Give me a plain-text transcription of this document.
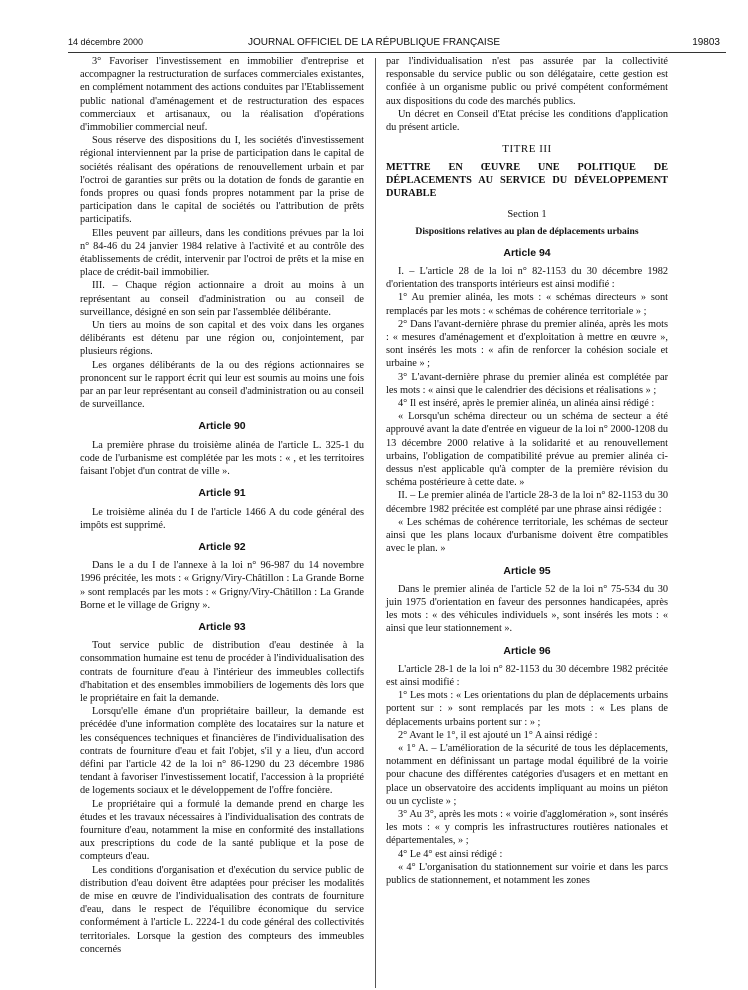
14 décembre 2000	JOURNAL OFFICIEL DE LA RÉPUBLIQUE FRANÇAISE	19803

3° Favoriser l'investissement en immobilier d'entreprise et accompagner la restructuration de surfaces commerciales existantes, en complément notamment des actions conduites par l'Etablissement public national d'aménagement et de restructuration des espaces commerciaux et artisanaux, ou la réalisation d'opérations d'immobilier commercial neuf.

Sous réserve des dispositions du I, les sociétés d'investissement régional interviennent par la prise de participation dans le capital de sociétés réalisant des opérations de renouvellement urbain et par l'octroi de garanties sur prêts ou la dotation de fonds de garantie en fonds propres ou quasi fonds propres notamment par la prise de participation dans le capital de sociétés ou l'attribution de prêts participatifs.

Elles peuvent par ailleurs, dans les conditions prévues par la loi n° 84-46 du 24 janvier 1984 relative à l'activité et au contrôle des établissements de crédit, intervenir par l'octroi de prêts et la mise en place de crédit-bail immobilier.

III. – Chaque région actionnaire a droit au moins à un représentant au conseil d'administration ou au conseil de surveillance, désigné en son sein par l'assemblée délibérante.

Un tiers au moins de son capital et des voix dans les organes délibérants est détenu par une région ou, conjointement, par plusieurs régions.

Les organes délibérants de la ou des régions actionnaires se prononcent sur le rapport écrit qui leur est soumis au moins une fois par an par leur représentant au conseil d'administration ou au conseil de surveillance.

Article 90

La première phrase du troisième alinéa de l'article L. 325-1 du code de l'urbanisme est complétée par les mots : « , et les territoires faisant l'objet d'un contrat de ville ».

Article 91

Le troisième alinéa du I de l'article 1466 A du code général des impôts est supprimé.

Article 92

Dans le a du I de l'annexe à la loi n° 96-987 du 14 novembre 1996 précitée, les mots : « Grigny/Viry-Châtillon : La Grande Borne » sont remplacés par les mots : « Grigny/Viry-Châtillon : La Grande Borne et le village de Grigny ».

Article 93

Tout service public de distribution d'eau destinée à la consommation humaine est tenu de procéder à l'individualisation des contrats de fourniture d'eau à l'intérieur des immeubles collectifs d'habitation et des ensembles immobiliers de logements dès lors que le propriétaire en fait la demande.

Lorsqu'elle émane d'un propriétaire bailleur, la demande est précédée d'une information complète des locataires sur la nature et les conséquences techniques et financières de l'individualisation des contrats de fourniture d'eau et fait l'objet, s'il y a lieu, d'un accord défini par l'article 42 de la loi n° 86-1290 du 23 décembre 1986 tendant à favoriser l'investissement locatif, l'accession à la propriété de logements sociaux et le développement de l'offre foncière.

Le propriétaire qui a formulé la demande prend en charge les études et les travaux nécessaires à l'individualisation des contrats de fourniture d'eau, notamment la mise en conformité des installations aux prescriptions du code de la santé publique et la pose de compteurs d'eau.

Les conditions d'organisation et d'exécution du service public de distribution d'eau doivent être adaptées pour préciser les modalités de mise en œuvre de l'individualisation des contrats de fourniture d'eau, dans le respect de l'équilibre économique du service conformément à l'article L. 2224-1 du code général des collectivités territoriales. Lorsque la gestion des compteurs des immeubles concernés

par l'individualisation n'est pas assurée par la collectivité responsable du service public ou son délégataire, cette gestion est confiée à un organisme public ou privé compétent conformément aux dispositions du code des marchés publics.

Un décret en Conseil d'Etat précise les conditions d'application du présent article.

TITRE III
METTRE EN ŒUVRE UNE POLITIQUE DE DÉPLACEMENTS AU SERVICE DU DÉVELOPPEMENT DURABLE
Section 1
Dispositions relatives au plan de déplacements urbains
Article 94

I. – L'article 28 de la loi n° 82-1153 du 30 décembre 1982 d'orientation des transports intérieurs est ainsi modifié :

1° Au premier alinéa, les mots : « schémas directeurs » sont remplacés par les mots : « schémas de cohérence territoriale » ;

2° Dans l'avant-dernière phrase du premier alinéa, après les mots : « mesures d'aménagement et d'exploitation à mettre en œuvre », sont insérés les mots : « afin de renforcer la cohésion sociale et urbaine » ;

3° L'avant-dernière phrase du premier alinéa est complétée par les mots : « ainsi que le calendrier des décisions et réalisations » ;

4° Il est inséré, après le premier alinéa, un alinéa ainsi rédigé :

« Lorsqu'un schéma directeur ou un schéma de secteur a été approuvé avant la date d'entrée en vigueur de la loi n° 2000-1208 du 13 décembre 2000 relative à la solidarité et au renouvellement urbains, l'obligation de compatibilité prévue au premier alinéa ci-dessus n'est applicable qu'à compter de la première révision du schéma postérieure à cette date. »

II. – Le premier alinéa de l'article 28-3 de la loi n° 82-1153 du 30 décembre 1982 précitée est complété par une phrase ainsi rédigée :

« Les schémas de cohérence territoriale, les schémas de secteur ainsi que les plans locaux d'urbanisme doivent être compatibles avec le plan. »

Article 95

Dans le premier alinéa de l'article 52 de la loi n° 75-534 du 30 juin 1975 d'orientation en faveur des personnes handicapées, après les mots : « des véhicules individuels », sont insérés les mots : « ainsi que leur stationnement ».

Article 96

L'article 28-1 de la loi n° 82-1153 du 30 décembre 1982 précitée est ainsi modifié :

1° Les mots : « Les orientations du plan de déplacements urbains portent sur : » sont remplacés par les mots : « Les plans de déplacements urbains portent sur : » ;

2° Avant le 1°, il est ajouté un 1° A ainsi rédigé :

« 1° A. – L'amélioration de la sécurité de tous les déplacements, notamment en définissant un partage modal équilibré de la voirie pour chacune des différentes catégories d'usagers et en mettant en place un observatoire des accidents impliquant au moins un piéton ou un cycliste » ;

3° Au 3°, après les mots : « voirie d'agglomération », sont insérés les mots : « y compris les infrastructures routières nationales et départementales, » ;

4° Le 4° est ainsi rédigé :

« 4° L'organisation du stationnement sur voirie et dans les parcs publics de stationnement, et notamment les zones
